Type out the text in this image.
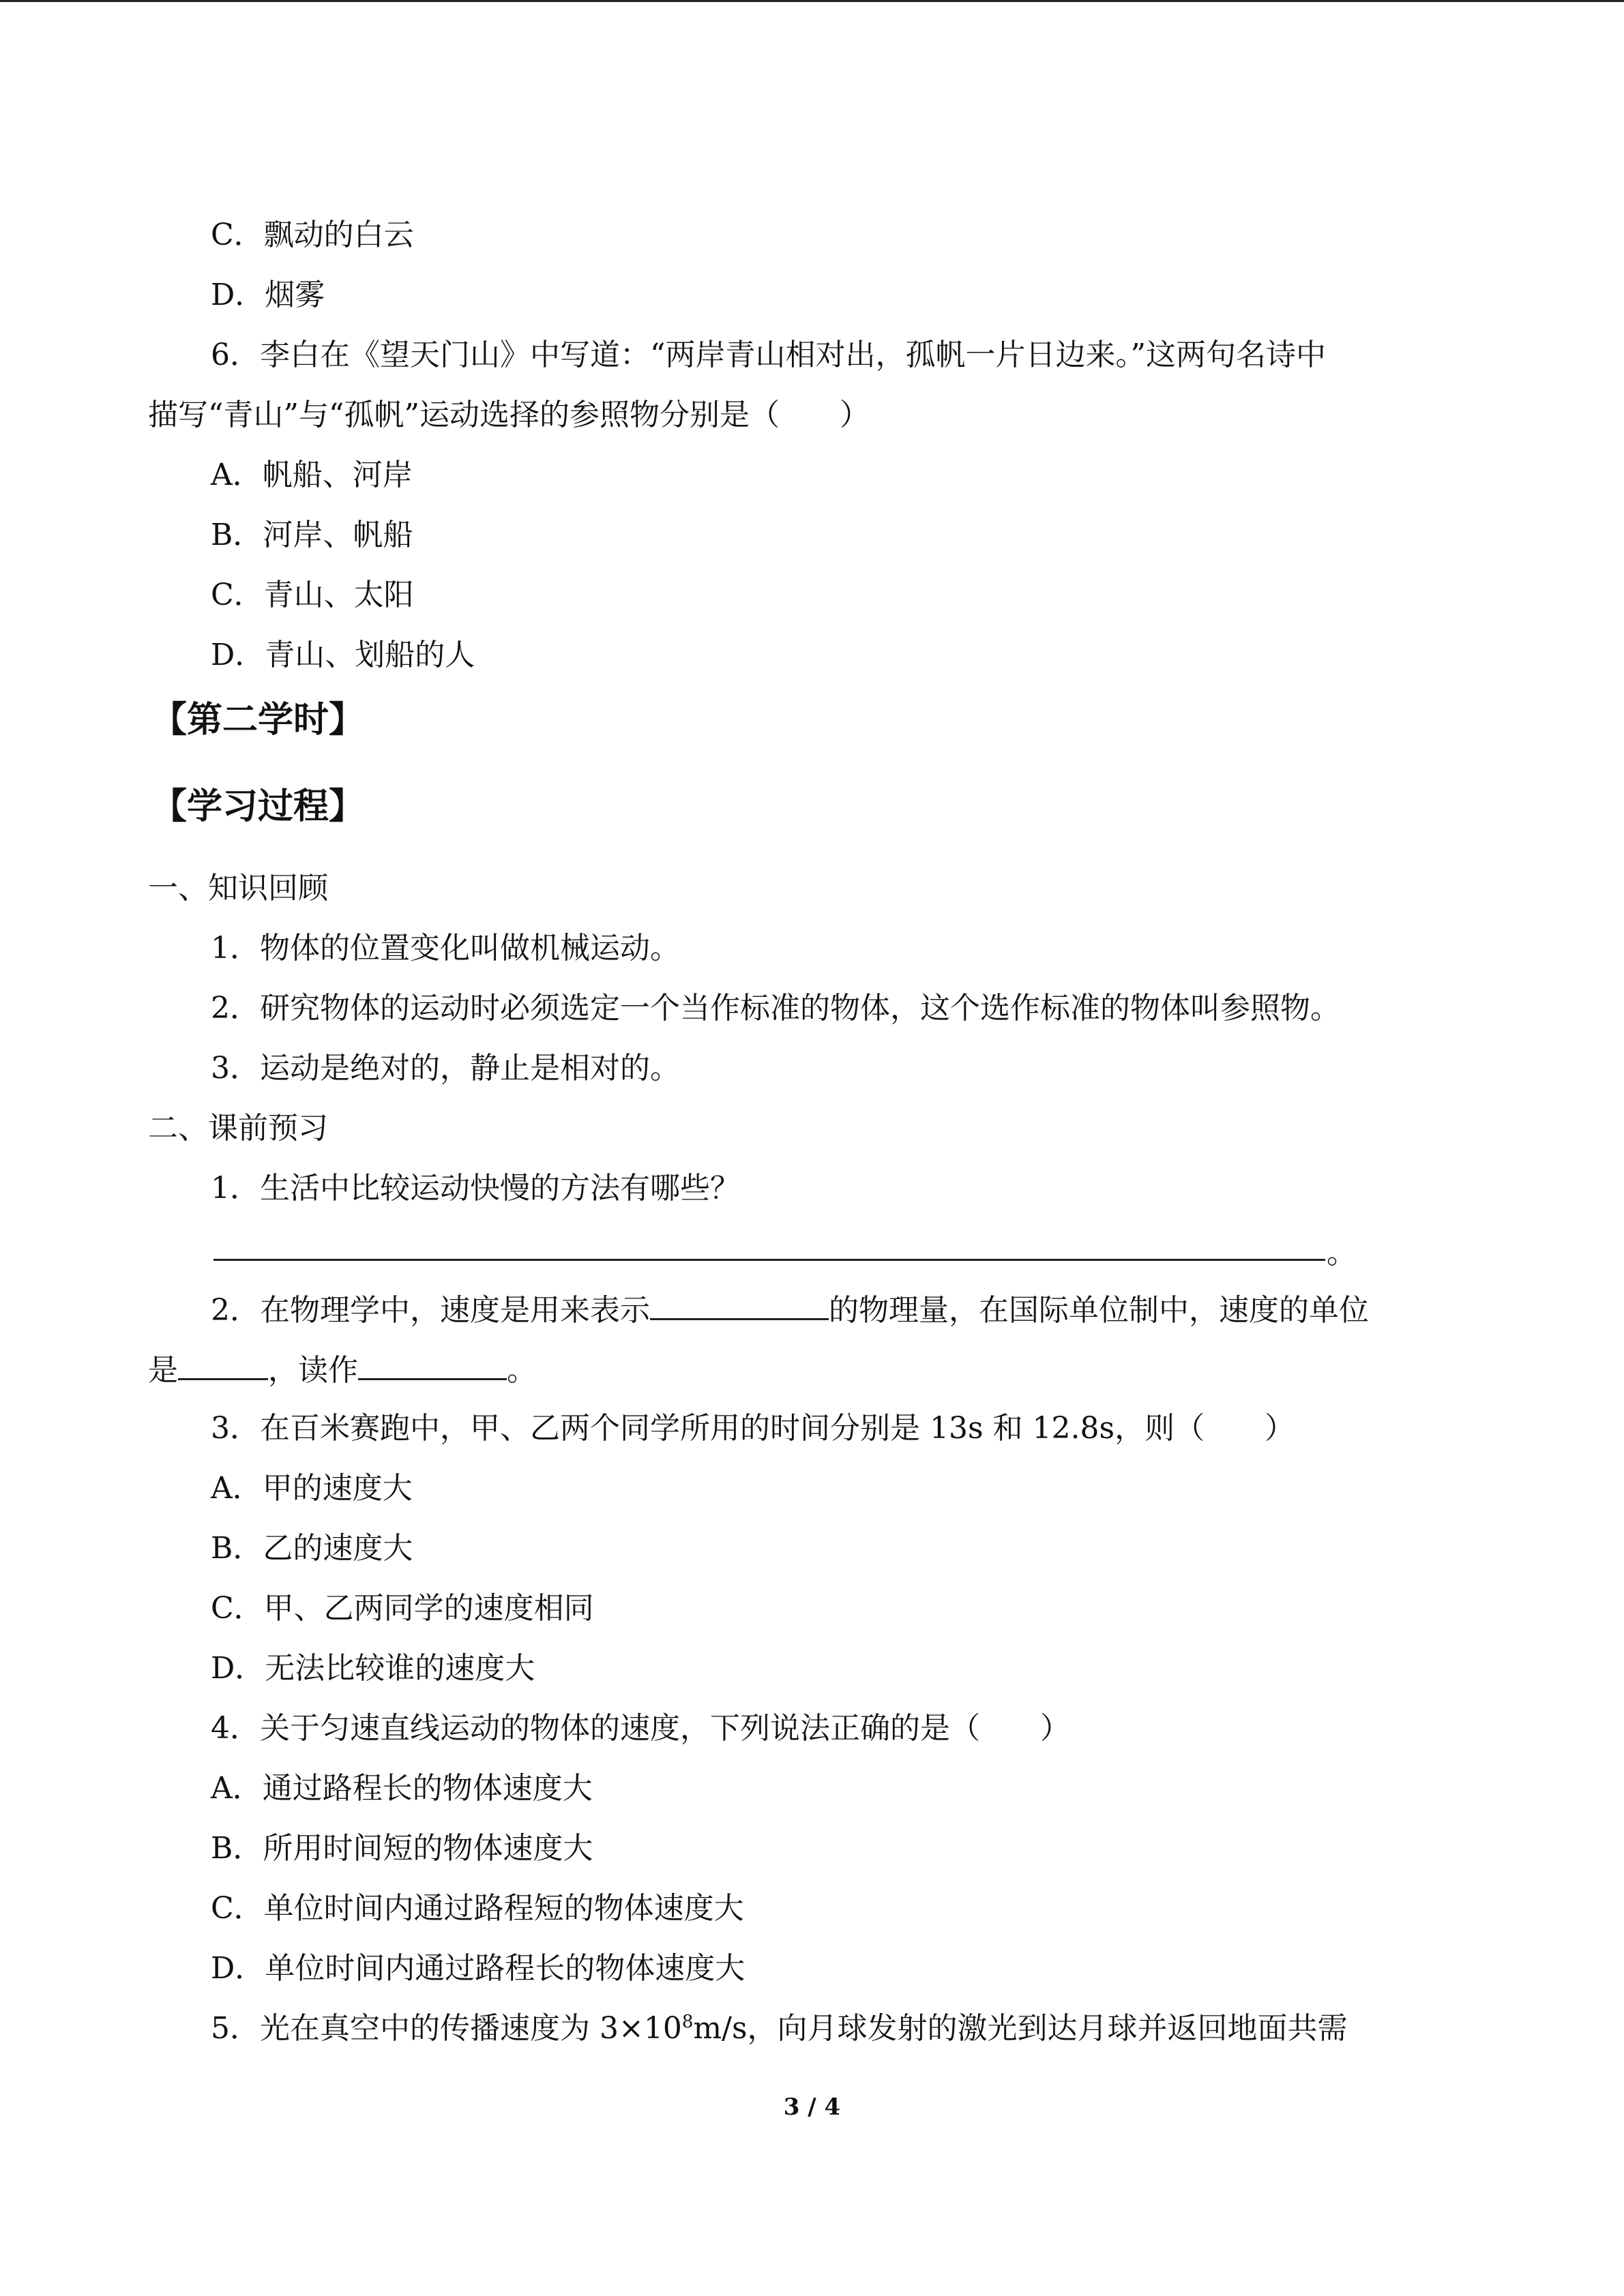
C．飘动的白云
D．烟雾
6．李白在《望天门山》中写道：“两岸青山相对出，孤帆一片日边来。”这两句名诗中
描写“青山”与“孤帆”运动选择的参照物分别是（　　）
A．帆船、河岸
B．河岸、帆船
C．青山、太阳
D．青山、划船的人
【第二学时】
【学习过程】
一、知识回顾
1．物体的位置变化叫做机械运动。
2．研究物体的运动时必须选定一个当作标准的物体，这个选作标准的物体叫参照物。
3．运动是绝对的，静止是相对的。
二、课前预习
1．生活中比较运动快慢的方法有哪些？
。
2．在物理学中，速度是用来表示	的物理量，在国际单位制中，速度的单位
是	，读作	。
3．在百米赛跑中，甲、乙两个同学所用的时间分别是 13s 和 12.8s，则（　　）
A．甲的速度大
B．乙的速度大
C．甲、乙两同学的速度相同
D．无法比较谁的速度大
4．关于匀速直线运动的物体的速度，下列说法正确的是（　　）
A．通过路程长的物体速度大
B．所用时间短的物体速度大
C．单位时间内通过路程短的物体速度大
D．单位时间内通过路程长的物体速度大
5．光在真空中的传播速度为 $3\times 10^8m/s$，向月球发射的激光到达月球并返回地面共需
3 / 4
